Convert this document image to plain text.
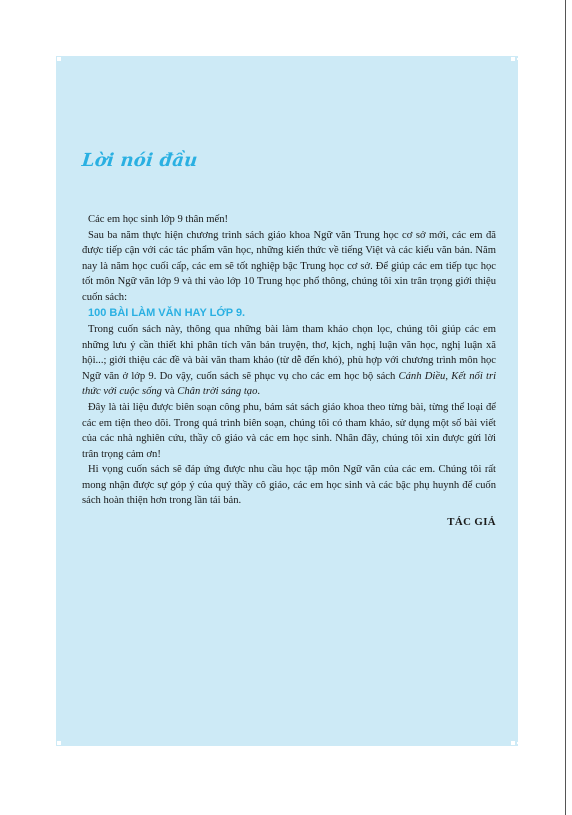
Lời nói đầu

Các em học sinh lớp 9 thân mến!

Sau ba năm thực hiện chương trình sách giáo khoa Ngữ văn Trung học cơ sở mới, các em đã được tiếp cận với các tác phẩm văn học, những kiến thức về tiếng Việt và các kiểu văn bản. Năm nay là năm học cuối cấp, các em sẽ tốt nghiệp bậc Trung học cơ sở. Để giúp các em tiếp tục học tốt môn Ngữ văn lớp 9 và thi vào lớp 10 Trung học phổ thông, chúng tôi xin trân trọng giới thiệu cuốn sách:

100 BÀI LÀM VĂN HAY LỚP 9.

Trong cuốn sách này, thông qua những bài làm tham khảo chọn lọc, chúng tôi giúp các em những lưu ý cần thiết khi phân tích văn bản truyện, thơ, kịch, nghị luận văn học, nghị luận xã hội...; giới thiệu các đề và bài văn tham khảo (từ dễ đến khó), phù hợp với chương trình môn học Ngữ văn ở lớp 9. Do vậy, cuốn sách sẽ phục vụ cho các em học bộ sách Cánh Diều, Kết nối tri thức với cuộc sống và Chân trời sáng tạo.

Đây là tài liệu được biên soạn công phu, bám sát sách giáo khoa theo từng bài, từng thể loại để các em tiện theo dõi. Trong quá trình biên soạn, chúng tôi có tham khảo, sử dụng một số bài viết của các nhà nghiên cứu, thầy cô giáo và các em học sinh. Nhân đây, chúng tôi xin được gửi lời trân trọng cảm ơn!

Hi vọng cuốn sách sẽ đáp ứng được nhu cầu học tập môn Ngữ văn của các em. Chúng tôi rất mong nhận được sự góp ý của quý thầy cô giáo, các em học sinh và các bậc phụ huynh để cuốn sách hoàn thiện hơn trong lần tái bản.

TÁC GIẢ
